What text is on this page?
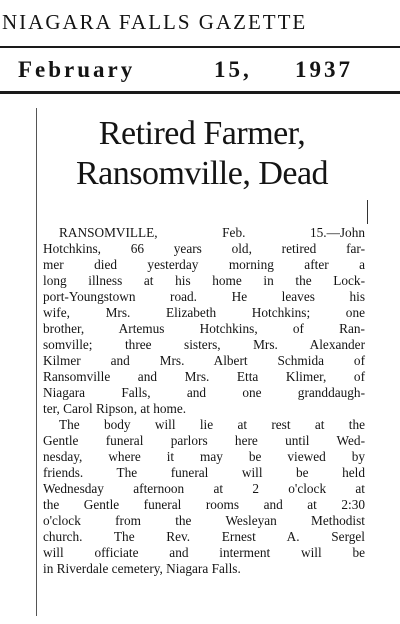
NIAGARA FALLS GAZETTE
February	15, 1937
Retired Farmer,
Ransomville, Dead
RANSOMVILLE, Feb. 15.—John
Hotchkins, 66 years old, retired far-
mer died yesterday morning after a
long illness at his home in the Lock-
port-Youngstown road. He leaves his
wife, Mrs. Elizabeth Hotchkins; one
brother, Artemus Hotchkins, of Ran-
somville; three sisters, Mrs. Alexander
Kilmer and Mrs. Albert Schmida of
Ransomville and Mrs. Etta Klimer, of
Niagara Falls, and one granddaugh-
ter, Carol Ripson, at home.
The body will lie at rest at the
Gentle funeral parlors here until Wed-
nesday, where it may be viewed by
friends. The funeral will be held
Wednesday afternoon at 2 o'clock at
the Gentle funeral rooms and at 2:30
o'clock from the Wesleyan Methodist
church. The Rev. Ernest A. Sergel
will officiate and interment will be
in Riverdale cemetery, Niagara Falls.
